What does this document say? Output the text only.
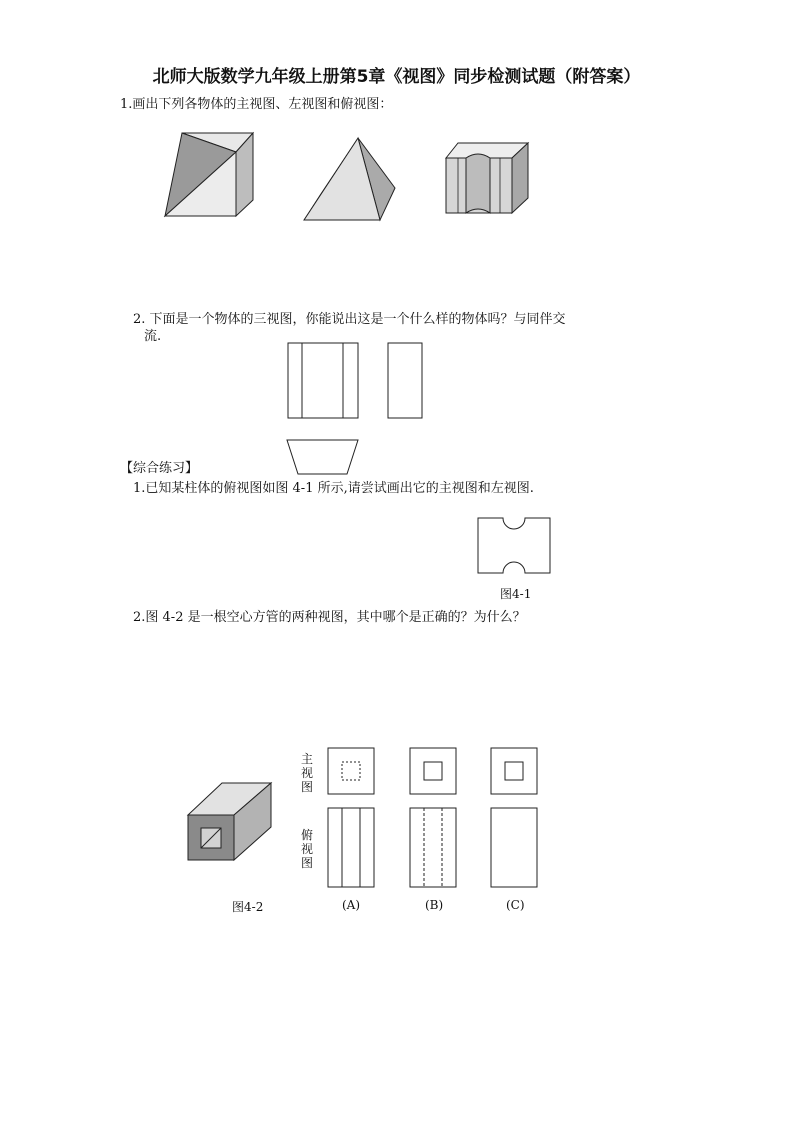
北师大版数学九年级上册第5章《视图》同步检测试题（附答案）
1.画出下列各物体的主视图、左视图和俯视图：
2. 下面是一个物体的三视图，你能说出这是一个什么样的物体吗？与同伴交
流.
【综合练习】
1.已知某柱体的俯视图如图 4-1 所示,请尝试画出它的主视图和左视图.
图4-1
2.图 4-2 是一根空心方管的两种视图，其中哪个是正确的？为什么？
主视图
俯视图
图4-2	(A)	(B)	(C)
